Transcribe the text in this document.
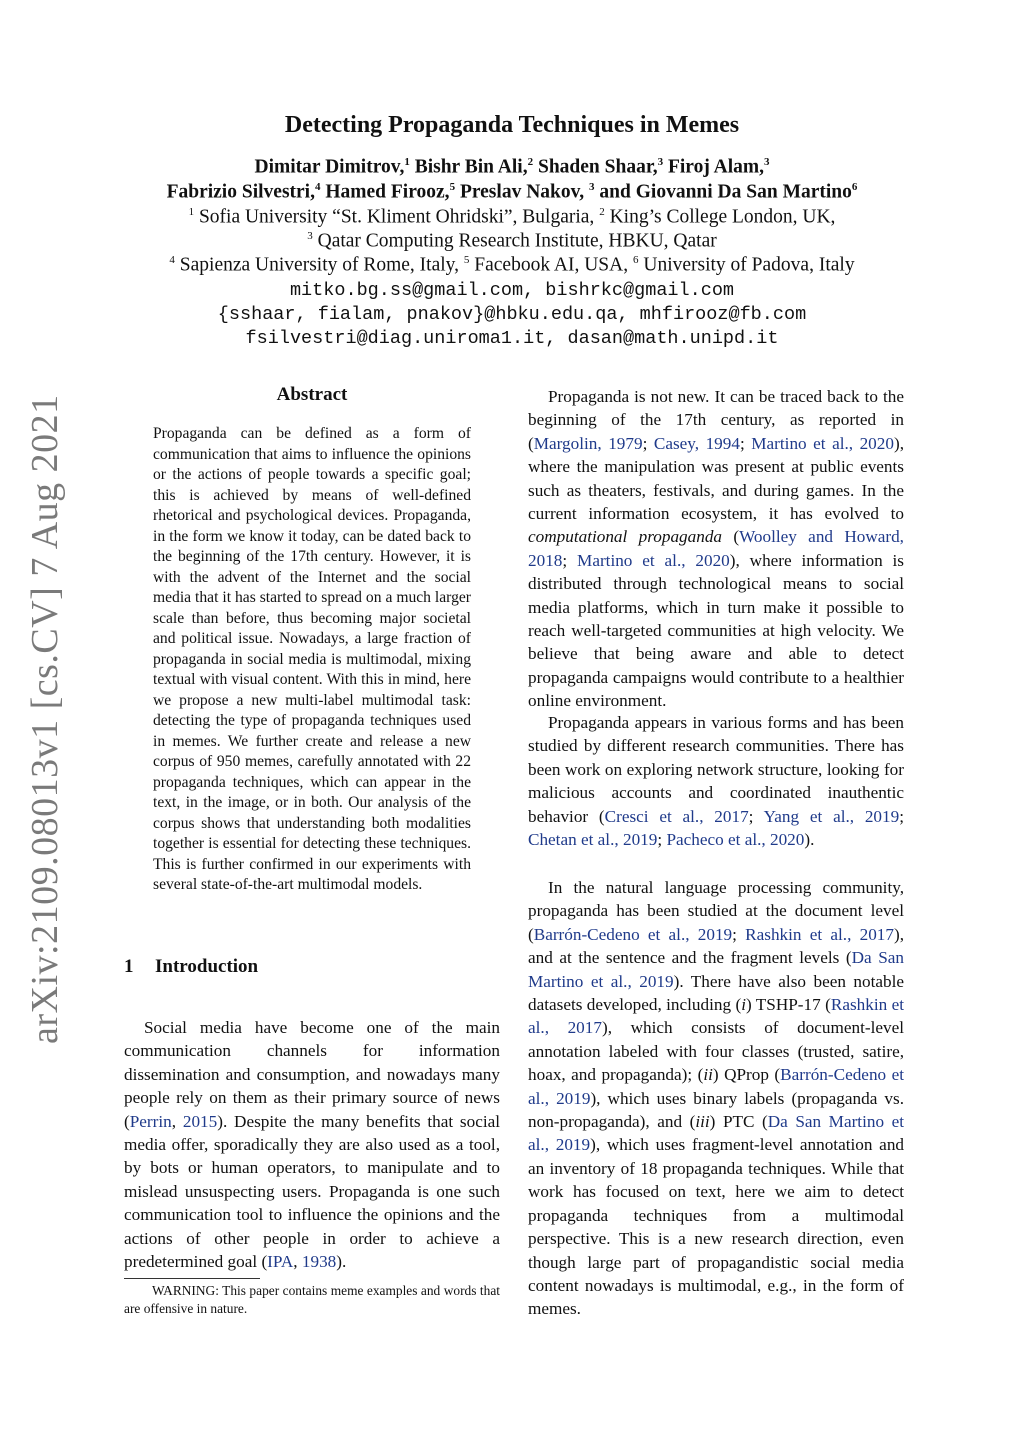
arXiv:2109.08013v1 [cs.CV] 7 Aug 2021
Detecting Propaganda Techniques in Memes
Dimitar Dimitrov,$^1$ Bishr Bin Ali,$^2$ Shaden Shaar,$^3$ Firoj Alam,$^3$
Fabrizio Silvestri,$^4$ Hamed Firooz,$^5$ Preslav Nakov, $^3$ and Giovanni Da San Martino$^6$
$^1$ Sofia University “St. Kliment Ohridski”, Bulgaria, $^2$ King’s College London, UK,
$^3$ Qatar Computing Research Institute, HBKU, Qatar
$^4$ Sapienza University of Rome, Italy, $^5$ Facebook AI, USA, $^6$ University of Padova, Italy
mitko.bg.ss@gmail.com, bishrkc@gmail.com
{sshaar, fialam, pnakov}@hbku.edu.qa, mhfirooz@fb.com
fsilvestri@diag.uniroma1.it, dasan@math.unipd.it
Abstract
Propaganda can be defined as a form of communication that aims to influence the opinions or the actions of people towards a specific goal; this is achieved by means of well-defined rhetorical and psychological devices. Propaganda, in the form we know it today, can be dated back to the beginning of the 17th century. However, it is with the advent of the Internet and the social media that it has started to spread on a much larger scale than before, thus becoming major societal and political issue. Nowadays, a large fraction of propaganda in social media is multimodal, mixing textual with visual content. With this in mind, here we propose a new multi-label multimodal task: detecting the type of propaganda techniques used in memes. We further create and release a new corpus of 950 memes, carefully annotated with 22 propaganda techniques, which can appear in the text, in the image, or in both. Our analysis of the corpus shows that understanding both modalities together is essential for detecting these techniques. This is further confirmed in our experiments with several state-of-the-art multimodal models.
1 Introduction
Social media have become one of the main communication channels for information dissemination and consumption, and nowadays many people rely on them as their primary source of news (Perrin, 2015). Despite the many benefits that social media offer, sporadically they are also used as a tool, by bots or human operators, to manipulate and to mislead unsuspecting users. Propaganda is one such communication tool to influence the opinions and the actions of other people in order to achieve a predetermined goal (IPA, 1938).
WARNING: This paper contains meme examples and words that are offensive in nature.
Propaganda is not new. It can be traced back to the beginning of the 17th century, as reported in (Margolin, 1979; Casey, 1994; Martino et al., 2020), where the manipulation was present at public events such as theaters, festivals, and during games. In the current information ecosystem, it has evolved to computational propaganda (Woolley and Howard, 2018; Martino et al., 2020), where information is distributed through technological means to social media platforms, which in turn make it possible to reach well-targeted communities at high velocity. We believe that being aware and able to detect propaganda campaigns would contribute to a healthier online environment.
Propaganda appears in various forms and has been studied by different research communities. There has been work on exploring network structure, looking for malicious accounts and coordinated inauthentic behavior (Cresci et al., 2017; Yang et al., 2019; Chetan et al., 2019; Pacheco et al., 2020).
In the natural language processing community, propaganda has been studied at the document level (Barrón-Cedeno et al., 2019; Rashkin et al., 2017), and at the sentence and the fragment levels (Da San Martino et al., 2019). There have also been notable datasets developed, including (i) TSHP-17 (Rashkin et al., 2017), which consists of document-level annotation labeled with four classes (trusted, satire, hoax, and propaganda); (ii) QProp (Barrón-Cedeno et al., 2019), which uses binary labels (propaganda vs. non-propaganda), and (iii) PTC (Da San Martino et al., 2019), which uses fragment-level annotation and an inventory of 18 propaganda techniques. While that work has focused on text, here we aim to detect propaganda techniques from a multimodal perspective. This is a new research direction, even though large part of propagandistic social media content nowadays is multimodal, e.g., in the form of memes.
